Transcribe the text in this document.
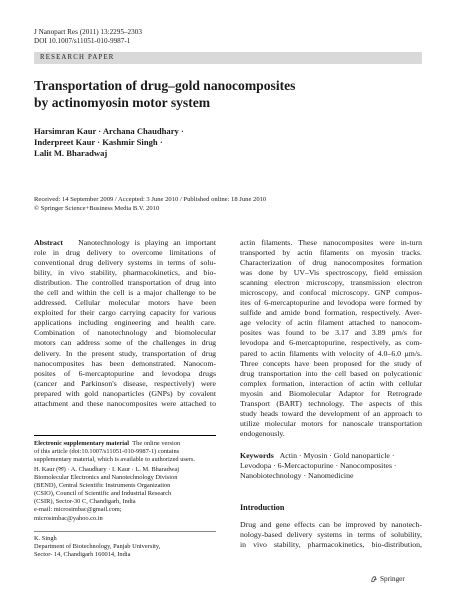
J Nanopart Res (2011) 13:2295–2303
DOI 10.1007/s11051-010-9987-1
RESEARCH PAPER
Transportation of drug–gold nanocomposites
by actinomyosin motor system
Harsimran Kaur · Archana Chaudhary ·
Inderpreet Kaur · Kashmir Singh ·
Lalit M. Bharadwaj
Received: 14 September 2009 / Accepted: 3 June 2010 / Published online: 18 June 2010
© Springer Science+Business Media B.V. 2010
Abstract Nanotechnology is playing an important
role in drug delivery to overcome limitations of
conventional drug delivery systems in terms of solu-
bility, in vivo stability, pharmacokinetics, and bio-
distribution. The controlled transportation of drug into
the cell and within the cell is a major challenge to be
addressed. Cellular molecular motors have been
exploited for their cargo carrying capacity for various
applications including engineering and health care.
Combination of nanotechnology and biomolecular
motors can address some of the challenges in drug
delivery. In the present study, transportation of drug
nanocomposites has been demonstrated. Nanocom-
posites of 6-mercaptopurine and levodopa drugs
(cancer and Parkinson's disease, respectively) were
prepared with gold nanoparticles (GNPs) by covalent
attachment and these nanocomposites were attached to
Electronic supplementary material The online version
of this article (doi:10.1007/s11051-010-9987-1) contains
supplementary material, which is available to authorized users.
H. Kaur (✉) · A. Chaudhary · I. Kaur · L. M. Bharadwaj
Biomolecular Electronics and Nanotechnology Division
(BEND), Central Scientific Instruments Organization
(CSIO), Council of Scientific and Industrial Research
(CSIR), Sector-30 C, Chandigarh, India
e-mail: microsimbac@gmail.com;
microsimbac@yahoo.co.in
K. Singh
Department of Biotechnology, Panjab University,
Sector- 14, Chandigarh 160014, India
actin filaments. These nanocomposites were in-turn
transported by actin filaments on myosin tracks.
Characterization of drug nanocomposites formation
was done by UV–Vis spectroscopy, field emission
scanning electron microscopy, transmission electron
microscopy, and confocal microscopy. GNP compos-
ites of 6-mercaptopurine and levodopa were formed by
sulfide and amide bond formation, respectively. Aver-
age velocity of actin filament attached to nanocom-
posites was found to be 3.17 and 3.89 μm/s for
levodopa and 6-mercaptopurine, respectively, as com-
pared to actin filaments with velocity of 4.0–6.0 μm/s.
Three concepts have been proposed for the study of
drug transportation into the cell based on polycationic
complex formation, interaction of actin with cellular
myosin and Biomolecular Adaptor for Retrograde
Transport (BART) technology. The aspects of this
study heads toward the development of an approach to
utilize molecular motors for nanoscale transportation
endogenously.
Keywords Actin · Myosin · Gold nanoparticle ·
Levodopa · 6-Mercactopurine · Nanocomposites ·
Nanobiotechnology · Nanomedicine
Introduction
Drug and gene effects can be improved by nanotech-
nology-based delivery systems in terms of solubility,
in vivo stability, pharmacokinetics, bio-distribution,
Springer
